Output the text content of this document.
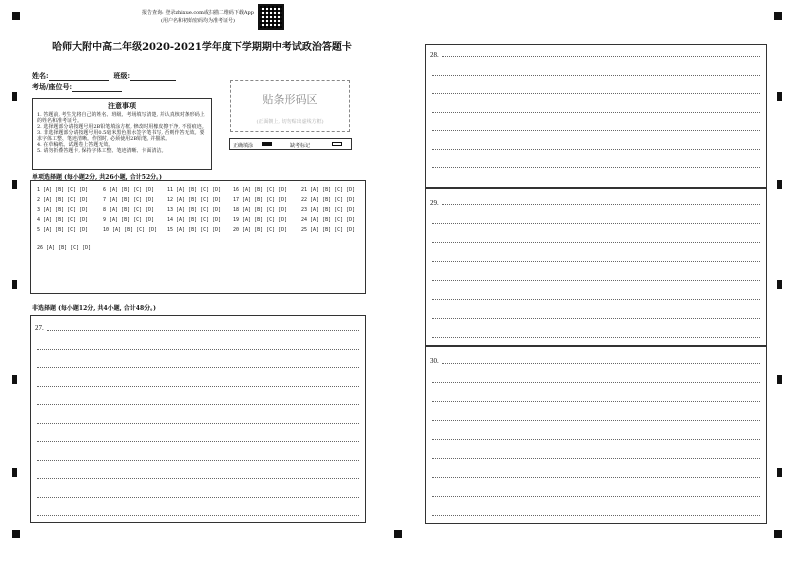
报告查询: 登录zhixue.com或扫描二维码下载App
(用户名和初始密码均为准考证号)
哈师大附中高二年级2020-2021学年度下学期期中考试政治答题卡
姓名:	班级:
考场/座位号:
贴条形码区
(正面朝上, 切勿贴出虚线方框)
正确填涂	缺考标记
注意事项
1. 答题前, 考生先将自己的姓名、班级、考场填写清楚, 并认真核对条形码上的姓名和准考证号。
2. 选择题部分请按题号用2B铅笔填涂方框, 修改时用橡皮擦干净, 不留痕迹。
3. 非选择题部分请按题号用0.5毫米黑色墨水签字笔书写, 否则作答无效。要求字体工整、笔迹清晰。作图时, 必须使用2B铅笔, 并描浓。
4. 在草稿纸、试题卷上答题无效。
5. 请勿折叠答题卡, 保持字体工整、笔迹清晰、卡面清洁。
单项选择题 (每小题2分, 共26小题, 合计52分。)
1 [A] [B] [C] [D]
2 [A] [B] [C] [D]
3 [A] [B] [C] [D]
4 [A] [B] [C] [D]
5 [A] [B] [C] [D]
6 [A] [B] [C] [D]
7 [A] [B] [C] [D]
8 [A] [B] [C] [D]
9 [A] [B] [C] [D]
10 [A] [B] [C] [D]
11 [A] [B] [C] [D]
12 [A] [B] [C] [D]
13 [A] [B] [C] [D]
14 [A] [B] [C] [D]
15 [A] [B] [C] [D]
16 [A] [B] [C] [D]
17 [A] [B] [C] [D]
18 [A] [B] [C] [D]
19 [A] [B] [C] [D]
20 [A] [B] [C] [D]
21 [A] [B] [C] [D]
22 [A] [B] [C] [D]
23 [A] [B] [C] [D]
24 [A] [B] [C] [D]
25 [A] [B] [C] [D]
26 [A] [B] [C] [D]
非选择题 (每小题12分, 共4小题, 合计48分。)
27.
28.
29.
30.
